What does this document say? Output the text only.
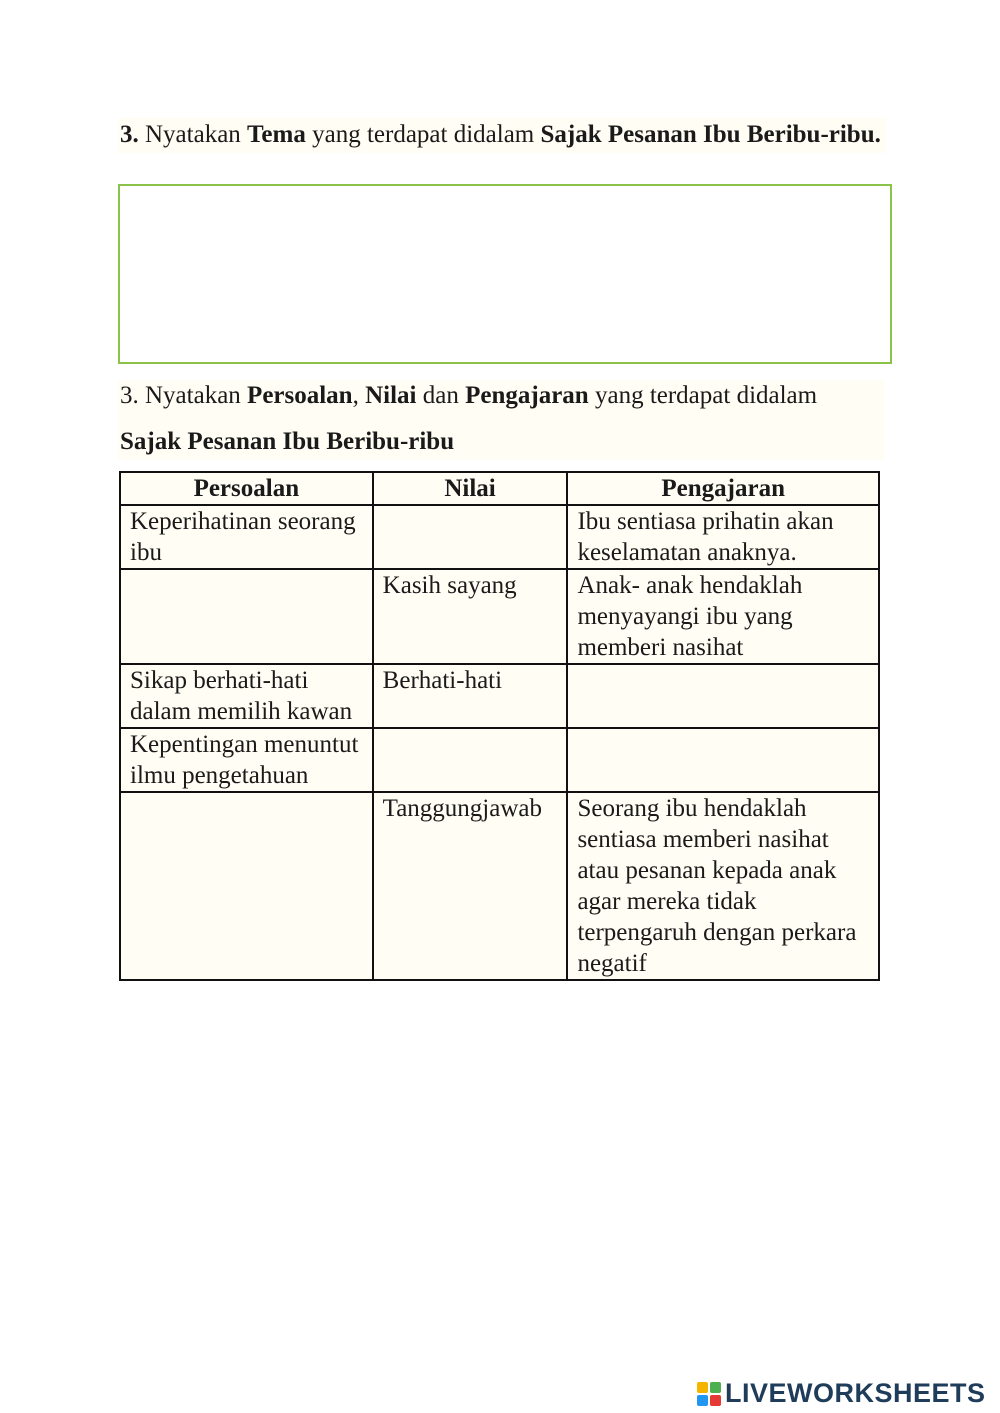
3. Nyatakan Tema yang terdapat didalam Sajak Pesanan Ibu Beribu-ribu.
3. Nyatakan Persoalan, Nilai dan Pengajaran yang terdapat didalam
Sajak Pesanan Ibu Beribu-ribu
Persoalan	Nilai	Pengajaran
Keperihatinan seorang ibu		Ibu sentiasa prihatin akan keselamatan anaknya.
	Kasih sayang	Anak- anak hendaklah menyayangi ibu yang memberi nasihat
Sikap berhati-hati dalam memilih kawan	Berhati-hati	
Kepentingan menuntut ilmu pengetahuan		
	Tanggungjawab	Seorang ibu hendaklah sentiasa memberi nasihat atau pesanan kepada anak agar mereka tidak terpengaruh dengan perkara negatif
LIVEWORKSHEETS
